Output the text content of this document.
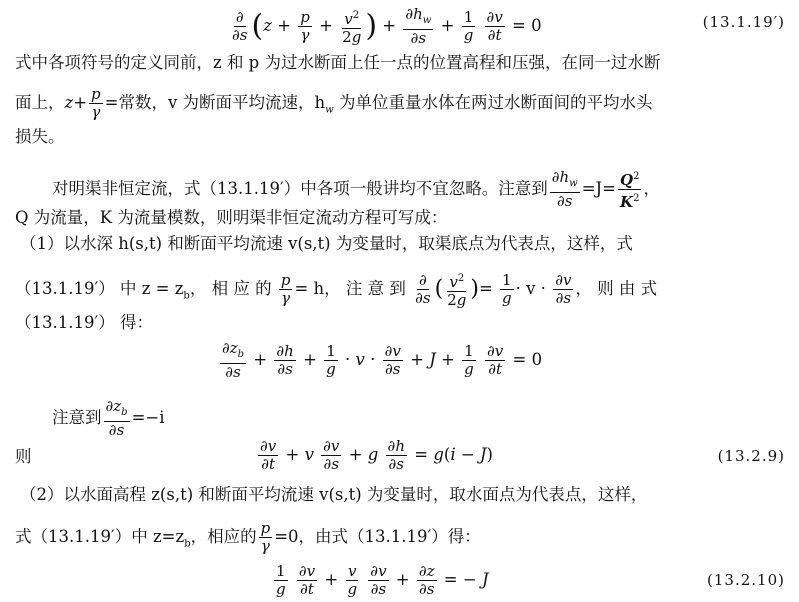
$\frac{\partial}{\partial s} (z + \frac{p}{\gamma} + \frac{v^2}{2g}$ ) + $\frac{\partial h_w}{\partial s} + \frac{1}{g}$
$\frac{\partial v}{\partial t} = 0$	(13.1.19′)
式中各项符号的定义同前，z 和 p 为过水断面上任一点的位置高程和压强，在同一过水断
面上，$z+ \frac{p}{\gamma}$ =常数，v 为断面平均流速，$h_w$ 为单位重量水体在两过水断面间的平均水头
损失。
对明渠非恒定流，式（13.1.19′）中各项一般讲均不宜忽略。注意到 $\frac{\partial h_w}{\partial s} =J= \frac{Q^2}{K^2}$ ，
Q 为流量，K 为流量模数，则明渠非恒定流动方程可写成：
（1）以水深 h(s,t) 和断面平均流速 v(s,t) 为变量时，取渠底点为代表点，这样，式
（13.1.19′） 中 $z = z_b$， 相 应 的 $\frac{p}{\gamma} = h$， 注 意 到 $\frac{\partial}{\partial s}$ ( $\frac{v^2}{2g}$ )= $\frac{1}{g} \cdot v \cdot \frac{\partial v}{\partial s}$ ， 则 由 式
（13.1.19′） 得：
$\frac{\partial z_b}{\partial s} + \frac{\partial h}{\partial s} + \frac{1}{g} \cdot v \cdot \frac{\partial v}{\partial s} + J + \frac{1}{g}$
$\frac{\partial v}{\partial t} = 0$
注意到 $\frac{\partial z_b}{\partial s} =-i$
则	$\frac{\partial v}{\partial t} + v \frac{\partial v}{\partial s} + g \frac{\partial h}{\partial s} = g(i - J)$	(13.2.9)
（2）以水面高程 z(s,t) 和断面平均流速 v(s,t) 为变量时，取水面点为代表点，这样，
式（13.1.19′）中 $z=z_b$，相应的 $\frac{p}{\gamma} =0$，由式（13.1.19′）得：
$\frac{1}{g}$
$\frac{\partial v}{\partial t} + \frac{v}{g}$
$\frac{\partial v}{\partial s} + \frac{\partial z}{\partial s}$ = − J	(13.2.10)
